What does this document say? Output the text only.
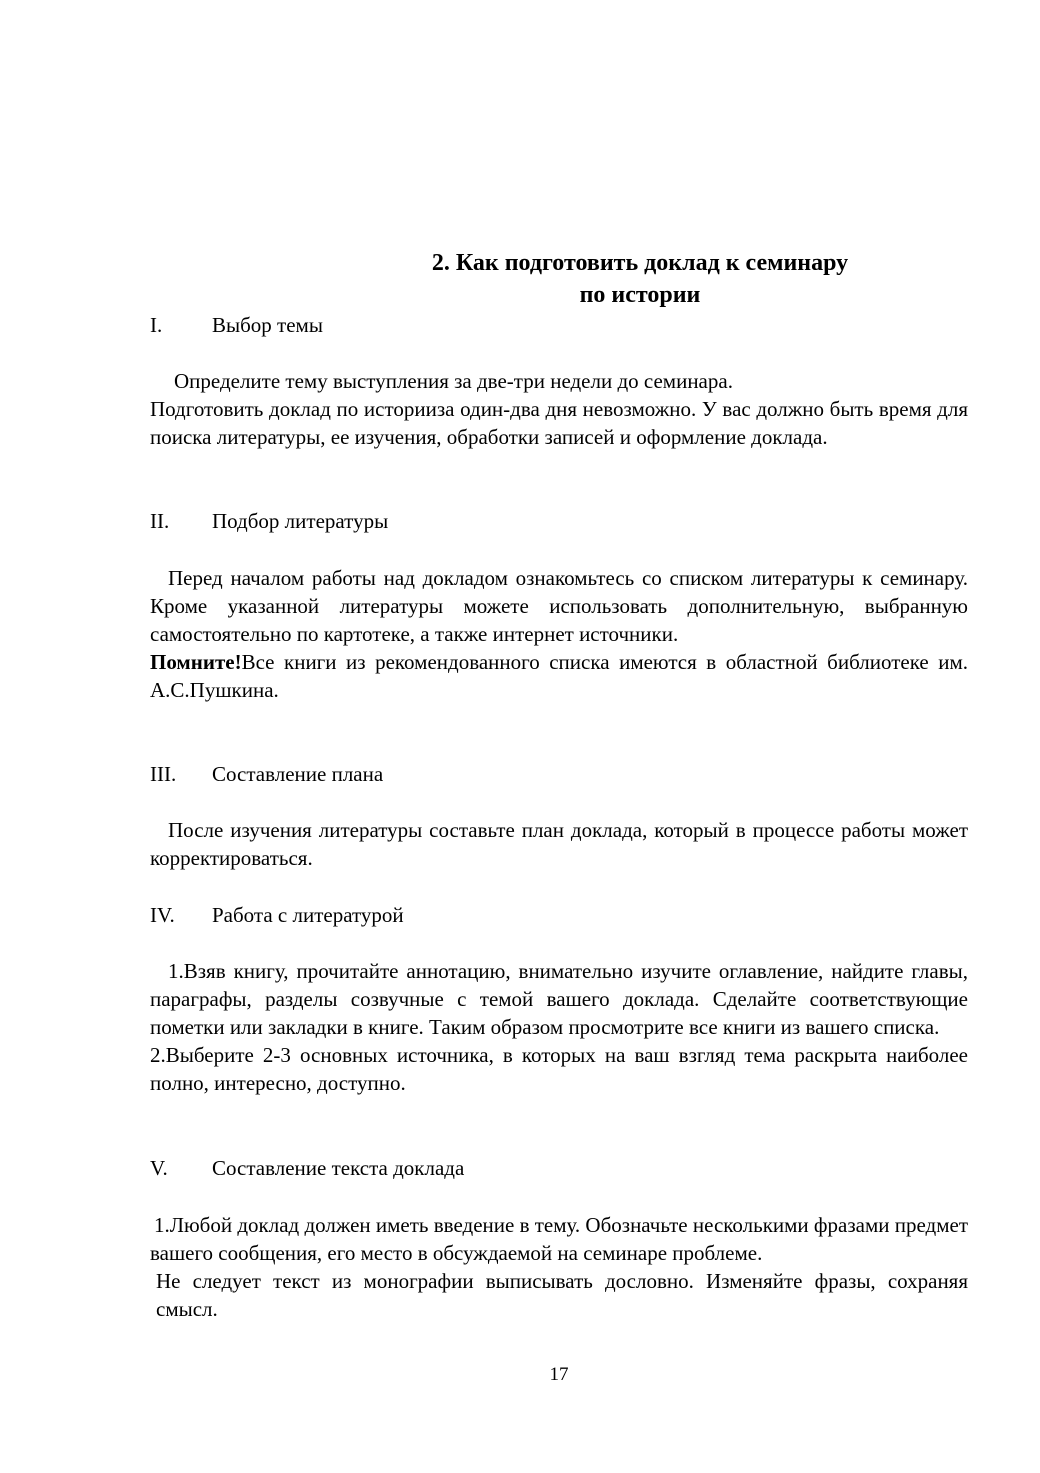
2. Как подготовить доклад к семинару
по истории
I. Выбор темы

Определите тему выступления за две-три недели до семинара.

Подготовить доклад по историиза один-два дня невозможно. У вас должно быть время для поиска литературы, ее изучения, обработки записей и оформление доклада.

II. Подбор литературы

Перед началом работы над докладом ознакомьтесь со списком литературы к семинару. Кроме указанной литературы можете использовать дополнительную, выбранную самостоятельно по картотеке, а также интернет источники.

Помните!Все книги из рекомендованного списка имеются в областной библиотеке им. А.С.Пушкина.

III. Составление плана

После изучения литературы составьте план доклада, который в процессе работы может корректироваться.

IV. Работа с литературой

1.Взяв книгу, прочитайте аннотацию, внимательно изучите оглавление, найдите главы, параграфы, разделы созвучные с темой вашего доклада. Сделайте соответствующие пометки или закладки в книге. Таким образом просмотрите все книги из вашего списка.

2.Выберите 2-3 основных источника, в которых на ваш взгляд тема раскрыта наиболее полно, интересно, доступно.

V. Составление текста доклада

1.Любой доклад должен иметь введение в тему. Обозначьте несколькими фразами предмет вашего сообщения, его место в обсуждаемой на семинаре проблеме.

Не следует текст из монографии выписывать дословно. Изменяйте фразы, сохраняя смысл.

17
